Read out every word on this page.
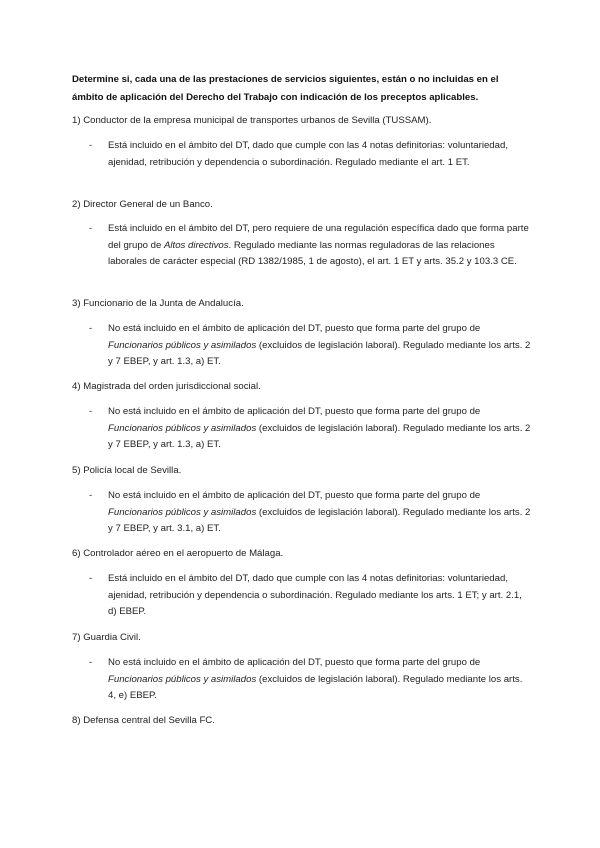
Determine si, cada una de las prestaciones de servicios siguientes, están o no incluidas en el ámbito de aplicación del Derecho del Trabajo con indicación de los preceptos aplicables.
1) Conductor de la empresa municipal de transportes urbanos de Sevilla (TUSSAM).
- Está incluido en el ámbito del DT, dado que cumple con las 4 notas definitorias: voluntariedad, ajenidad, retribución y dependencia o subordinación. Regulado mediante el art. 1 ET.
2) Director General de un Banco.
- Está incluido en el ámbito del DT, pero requiere de una regulación específica dado que forma parte del grupo de Altos directivos. Regulado mediante las normas reguladoras de las relaciones laborales de carácter especial (RD 1382/1985, 1 de agosto), el art. 1 ET y arts. 35.2 y 103.3 CE.
3) Funcionario de la Junta de Andalucía.
- No está incluido en el ámbito de aplicación del DT, puesto que forma parte del grupo de Funcionarios públicos y asimilados (excluidos de legislación laboral). Regulado mediante los arts. 2 y 7 EBEP, y art. 1.3, a) ET.
4) Magistrada del orden jurisdiccional social.
- No está incluido en el ámbito de aplicación del DT, puesto que forma parte del grupo de Funcionarios públicos y asimilados (excluidos de legislación laboral). Regulado mediante los arts. 2 y 7 EBEP, y art. 1.3, a) ET.
5) Policía local de Sevilla.
- No está incluido en el ámbito de aplicación del DT, puesto que forma parte del grupo de Funcionarios públicos y asimilados (excluidos de legislación laboral). Regulado mediante los arts. 2 y 7 EBEP, y art. 3.1, a) ET.
6) Controlador aéreo en el aeropuerto de Málaga.
- Está incluido en el ámbito del DT, dado que cumple con las 4 notas definitorias: voluntariedad, ajenidad, retribución y dependencia o subordinación. Regulado mediante los arts. 1 ET; y art. 2.1, d) EBEP.
7) Guardia Civil.
- No está incluido en el ámbito de aplicación del DT, puesto que forma parte del grupo de Funcionarios públicos y asimilados (excluidos de legislación laboral). Regulado mediante los arts. 4, e) EBEP.
8) Defensa central del Sevilla FC.
